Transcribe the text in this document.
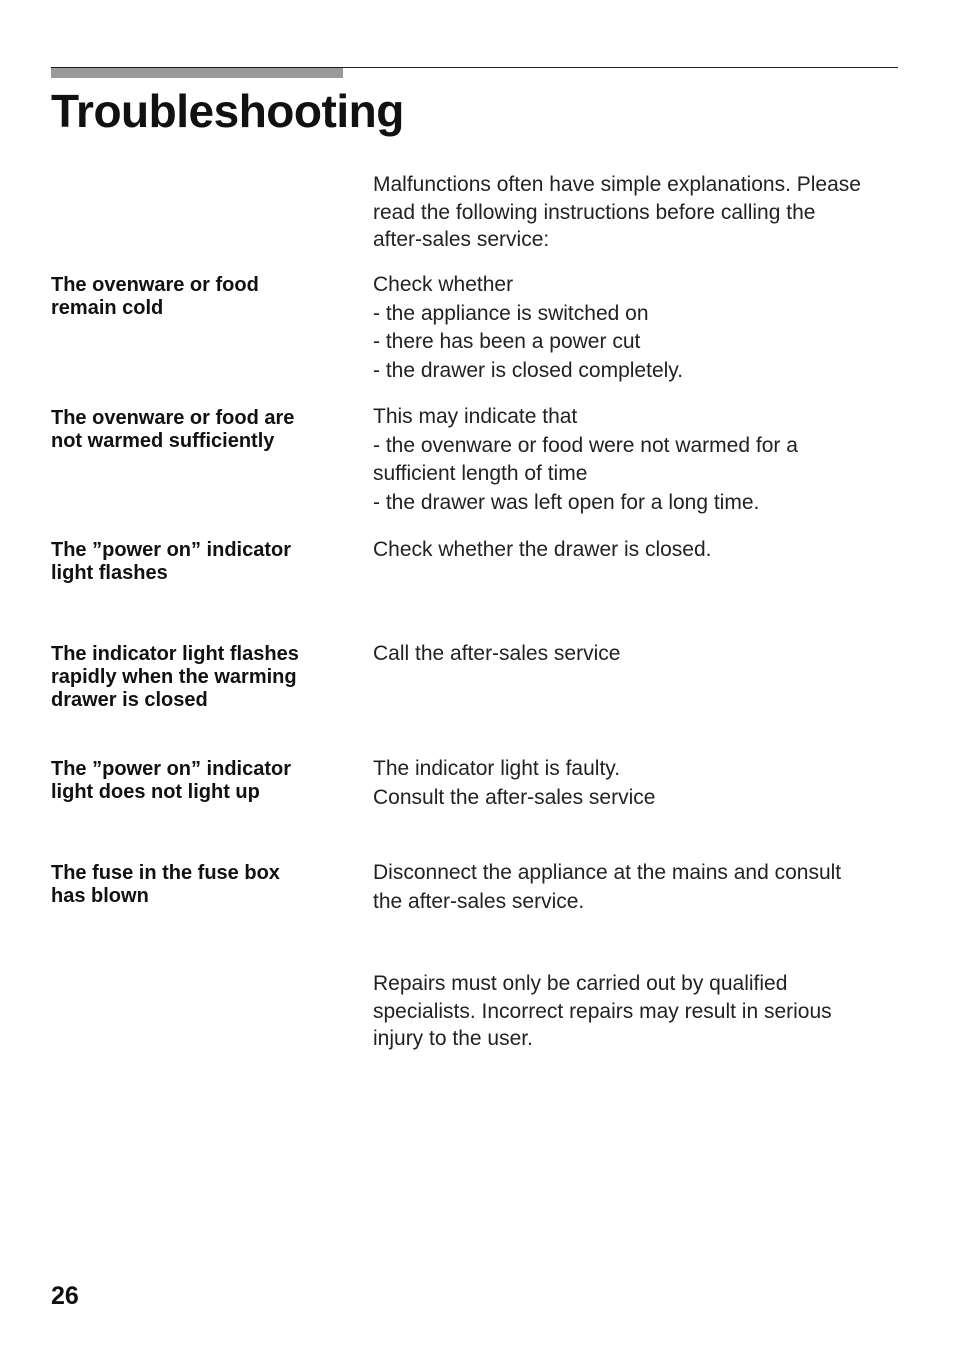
Troubleshooting
Malfunctions often have simple explanations. Please
read the following instructions before calling the
after-sales service:
The ovenware or food
remain cold
Check whether
- the appliance is switched on
- there has been a power cut
- the drawer is closed completely.
The ovenware or food are
not warmed sufficiently
This may indicate that
- the ovenware or food were not warmed for a
sufficient length of time
- the drawer was left open for a long time.
The ”power on” indicator
light flashes
Check whether the drawer is closed.
The indicator light flashes
rapidly when the warming
drawer is closed
Call the after-sales service
The ”power on” indicator
light does not light up
The indicator light is faulty.
Consult the after-sales service
The fuse in the fuse box
has blown
Disconnect the appliance at the mains and consult
the after-sales service.
Repairs must only be carried out by qualified
specialists. Incorrect repairs may result in serious
injury to the user.
26
